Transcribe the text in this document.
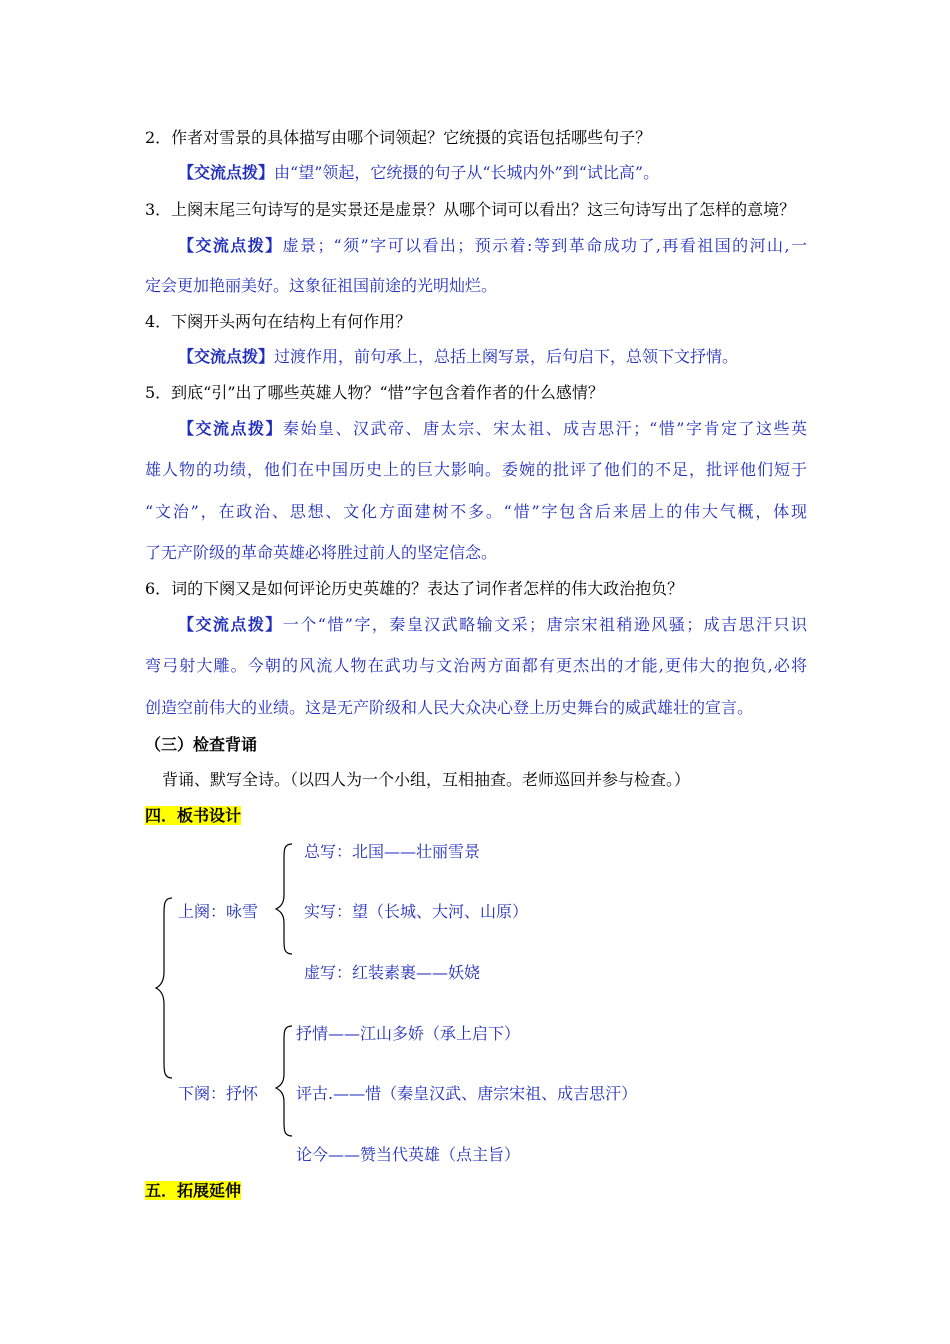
2．作者对雪景的具体描写由哪个词领起？它统摄的宾语包括哪些句子？
【交流点拨】由“望”领起，它统摄的句子从“长城内外”到“试比高”。
3．上阕末尾三句诗写的是实景还是虚景？从哪个词可以看出？这三句诗写出了怎样的意境？
【交流点拨】虚景；“须”字可以看出；预示着:等到革命成功了,再看祖国的河山,一
定会更加艳丽美好。这象征祖国前途的光明灿烂。
4．下阕开头两句在结构上有何作用？
【交流点拨】过渡作用，前句承上，总括上阕写景，后句启下，总领下文抒情。
5．到底“引”出了哪些英雄人物？“惜”字包含着作者的什么感情？
【交流点拨】秦始皇、汉武帝、唐太宗、宋太祖、成吉思汗；“惜”字肯定了这些英
雄人物的功绩，他们在中国历史上的巨大影响。委婉的批评了他们的不足，批评他们短于
“文治”，在政治、思想、文化方面建树不多。“惜”字包含后来居上的伟大气概，体现
了无产阶级的革命英雄必将胜过前人的坚定信念。
6．词的下阕又是如何评论历史英雄的？表达了词作者怎样的伟大政治抱负？
【交流点拨】一个“惜”字，秦皇汉武略输文采；唐宗宋祖稍逊风骚；成吉思汗只识
弯弓射大雕。今朝的风流人物在武功与文治两方面都有更杰出的才能,更伟大的抱负,必将
创造空前伟大的业绩。这是无产阶级和人民大众决心登上历史舞台的威武雄壮的宣言。
（三）检查背诵
背诵、默写全诗。（以四人为一个小组，互相抽查。老师巡回并参与检查。）
四．板书设计
总写：北国——壮丽雪景
上阕：咏雪	实写：望（长城、大河、山原）
虚写：红装素裹——妖娆
抒情——江山多娇（承上启下）
下阕：抒怀 评古.——惜（秦皇汉武、唐宗宋祖、成吉思汗）
论今——赞当代英雄（点主旨）
五．拓展延伸
